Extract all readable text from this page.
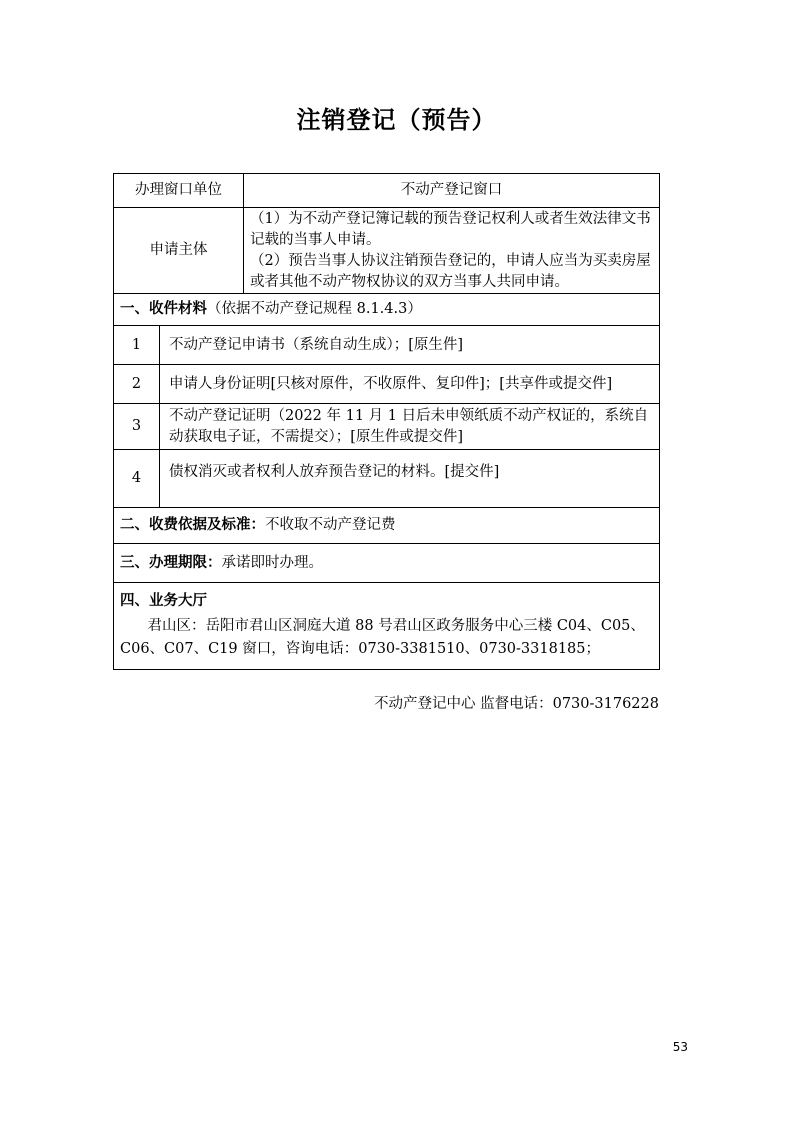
注销登记（预告）
办理窗口单位		不动产登记窗口
申请主体		（1）为不动产登记簿记载的预告登记权利人或者生效法律文书记载的当事人申请。
（2）预告当事人协议注销预告登记的，申请人应当为买卖房屋或者其他不动产物权协议的双方当事人共同申请。

一、收件材料（依据不动产登记规程 8.1.4.3）		
1	不动产登记申请书（系统自动生成）；[原生件]	
2	申请人身份证明[只核对原件，不收原件、复印件]；[共享件或提交件]	
3	不动产登记证明（2022 年 11 月 1 日后未申领纸质不动产权证的，系统自动获取电子证，不需提交）；[原生件或提交件]	
4	债权消灭或者权利人放弃预告登记的材料。[提交件]	
二、收费依据及标准：不收取不动产登记费		
三、办理期限：承诺即时办理。		

四、业务大厅
君山区：岳阳市君山区洞庭大道 88 号君山区政务服务中心三楼 C04、C05、C06、C07、C19 窗口，咨询电话：0730-3381510、0730-3318185；		
不动产登记中心 监督电话：0730-3176228
53
